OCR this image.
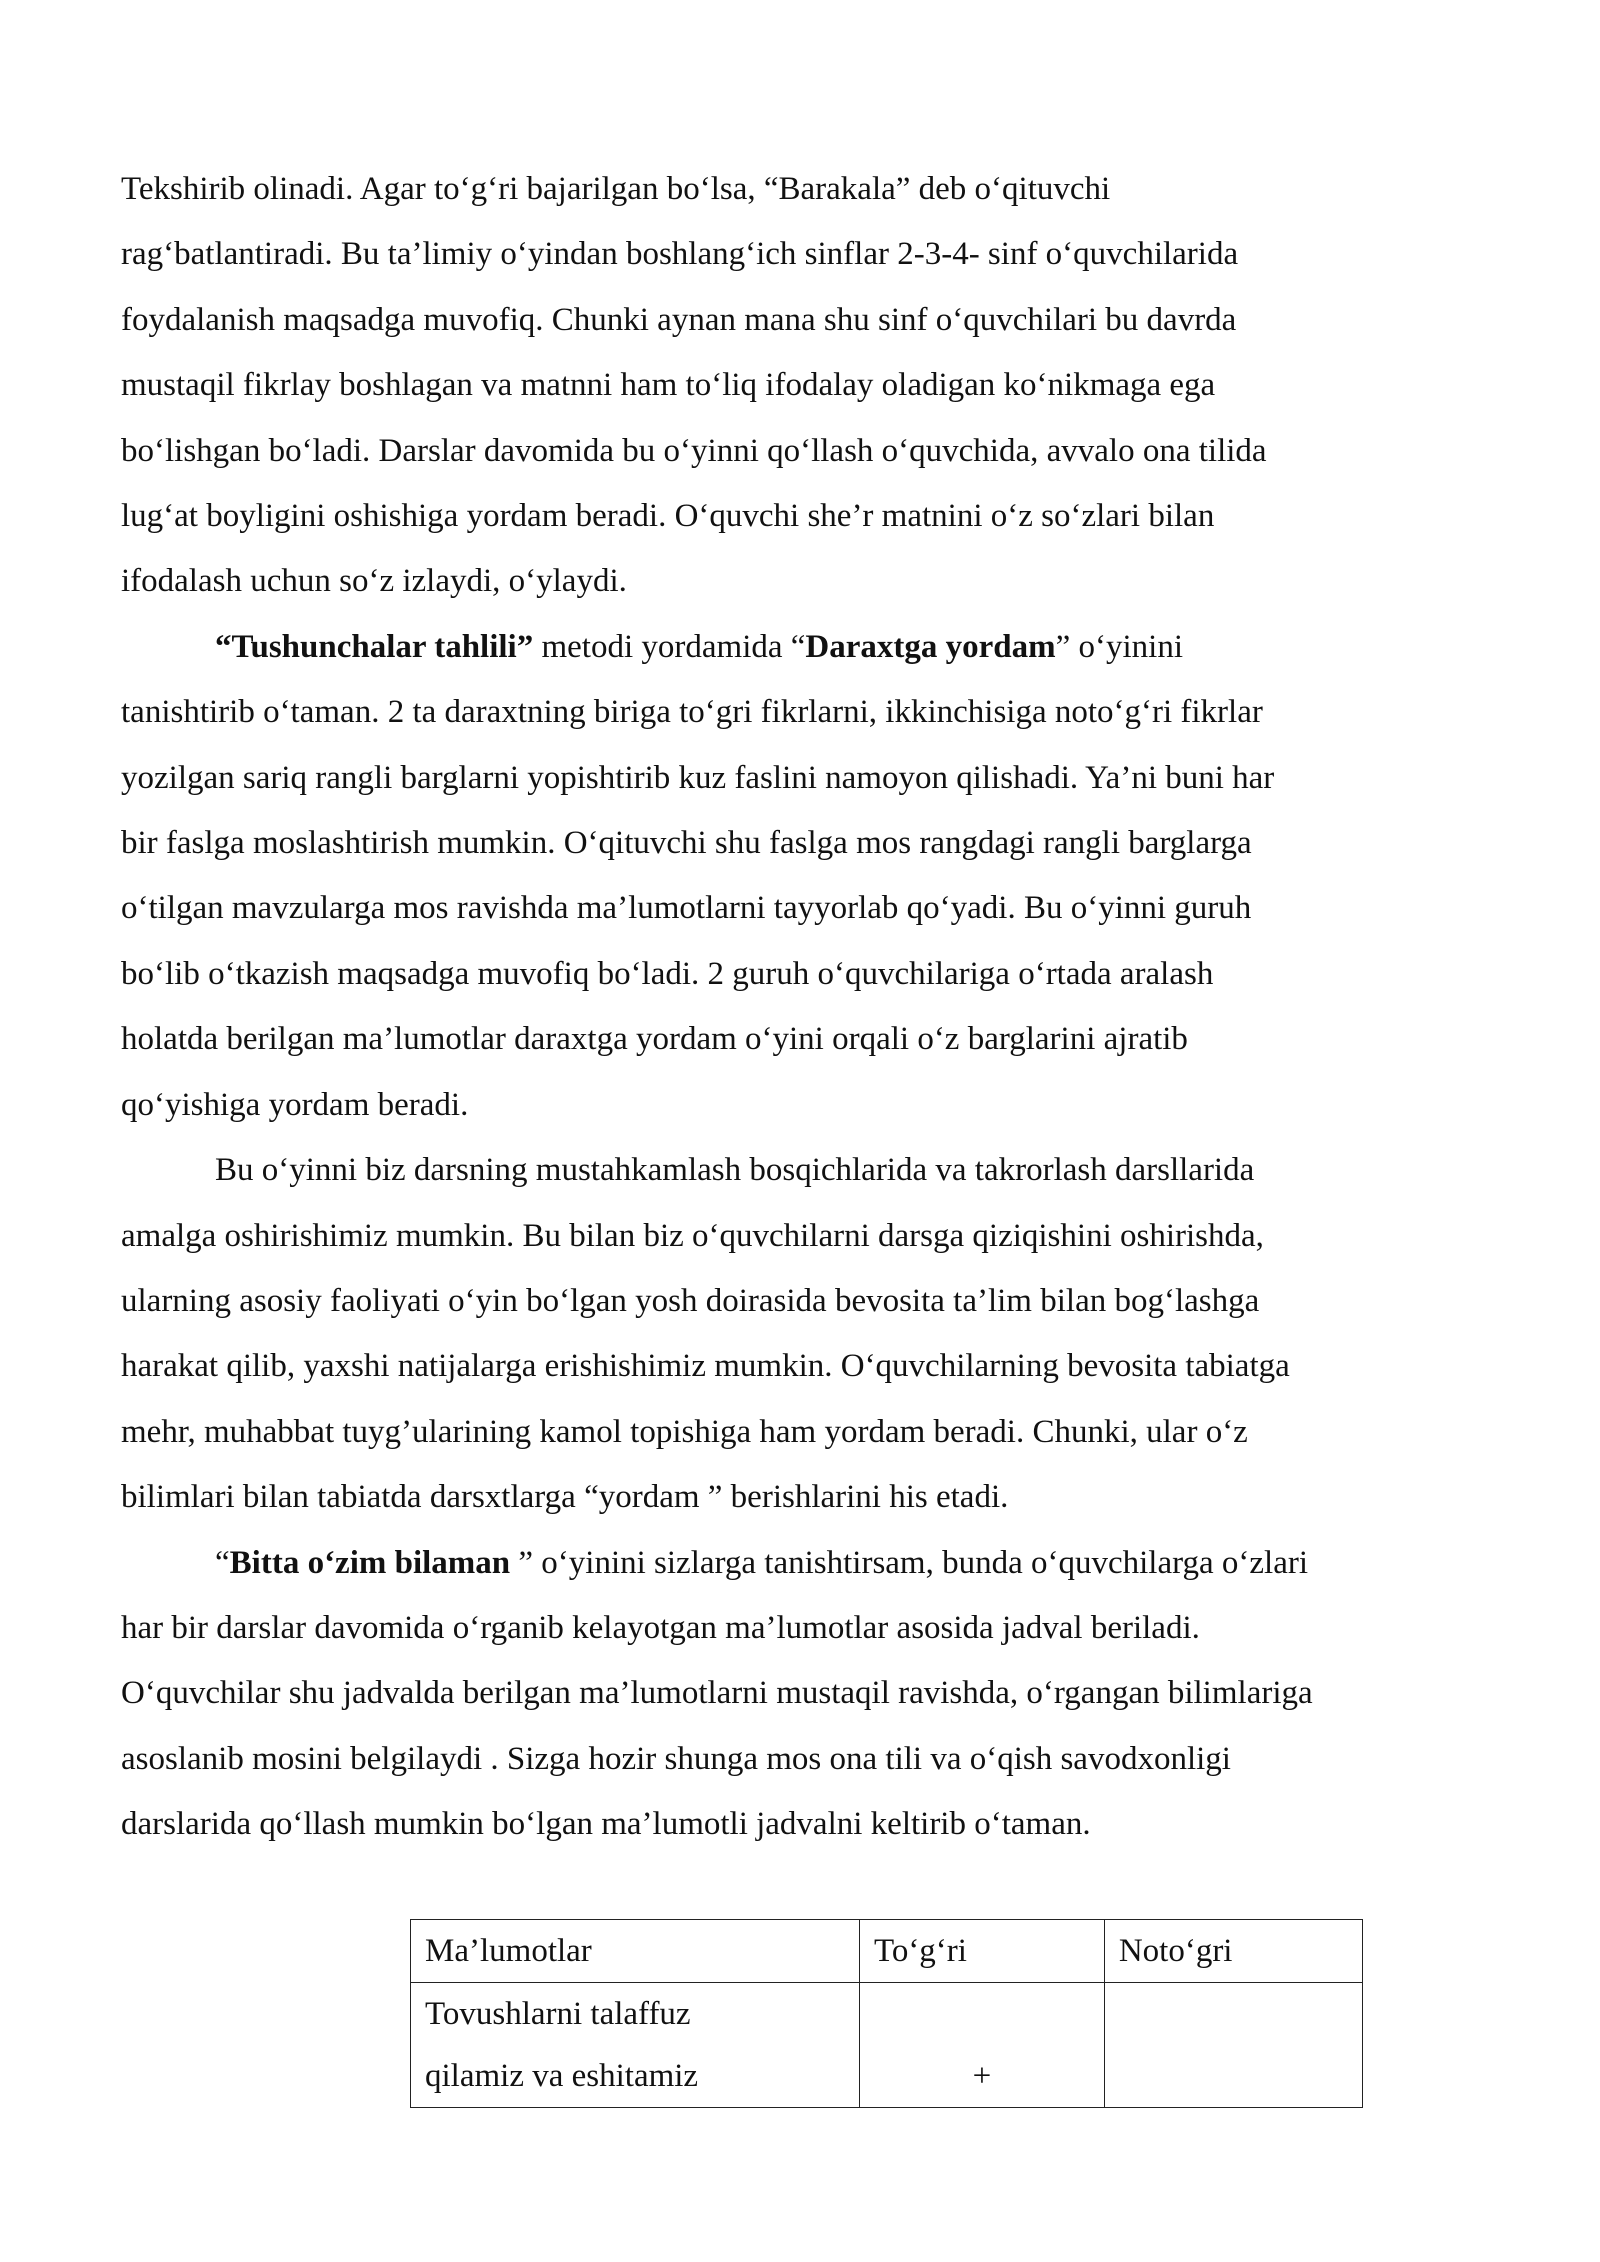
Tekshirib olinadi. Agar to‘g‘ri bajarilgan bo‘lsa, “Barakala” deb o‘qituvchi
rag‘batlantiradi. Bu ta’limiy o‘yindan boshlang‘ich sinflar 2-3-4- sinf o‘quvchilarida
foydalanish maqsadga muvofiq. Chunki aynan mana shu sinf o‘quvchilari bu davrda
mustaqil fikrlay boshlagan va matnni ham to‘liq ifodalay oladigan ko‘nikmaga ega
bo‘lishgan bo‘ladi. Darslar davomida bu o‘yinni qo‘llash o‘quvchida, avvalo ona tilida
lug‘at boyligini oshishiga yordam beradi. O‘quvchi she’r matnini o‘z so‘zlari bilan
ifodalash uchun so‘z izlaydi, o‘ylaydi.
“Tushunchalar tahlili” metodi yordamida “Daraxtga yordam” o‘yinini
tanishtirib o‘taman. 2 ta daraxtning biriga to‘gri fikrlarni, ikkinchisiga noto‘g‘ri fikrlar
yozilgan sariq rangli barglarni yopishtirib kuz faslini namoyon qilishadi. Ya’ni buni har
bir faslga moslashtirish mumkin. O‘qituvchi shu faslga mos rangdagi rangli barglarga
o‘tilgan mavzularga mos ravishda ma’lumotlarni tayyorlab qo‘yadi. Bu o‘yinni guruh
bo‘lib o‘tkazish maqsadga muvofiq bo‘ladi. 2 guruh o‘quvchilariga o‘rtada aralash
holatda berilgan ma’lumotlar daraxtga yordam o‘yini orqali o‘z barglarini ajratib
qo‘yishiga yordam beradi.
Bu o‘yinni biz darsning mustahkamlash bosqichlarida va takrorlash darsllarida
amalga oshirishimiz mumkin. Bu bilan biz o‘quvchilarni darsga qiziqishini oshirishda,
ularning asosiy faoliyati o‘yin bo‘lgan yosh doirasida bevosita ta’lim bilan bog‘lashga
harakat qilib, yaxshi natijalarga erishishimiz mumkin. O‘quvchilarning bevosita tabiatga
mehr, muhabbat tuyg’ularining kamol topishiga ham yordam beradi. Chunki, ular o‘z
bilimlari bilan tabiatda darsxtlarga “yordam ” berishlarini his etadi.
“Bitta o‘zim bilaman ” o‘yinini sizlarga tanishtirsam, bunda o‘quvchilarga o‘zlari
har bir darslar davomida o‘rganib kelayotgan ma’lumotlar asosida jadval beriladi.
O‘quvchilar shu jadvalda berilgan ma’lumotlarni mustaqil ravishda, o‘rgangan bilimlariga
asoslanib mosini belgilaydi . Sizga hozir shunga mos ona tili va o‘qish savodxonligi
darslarida qo‘llash mumkin bo‘lgan ma’lumotli jadvalni keltirib o‘taman.
Ma’lumotlar	To‘g‘ri	Noto‘gri

Tovushlarni talaffuz
qilamiz va eshitamiz	+	
